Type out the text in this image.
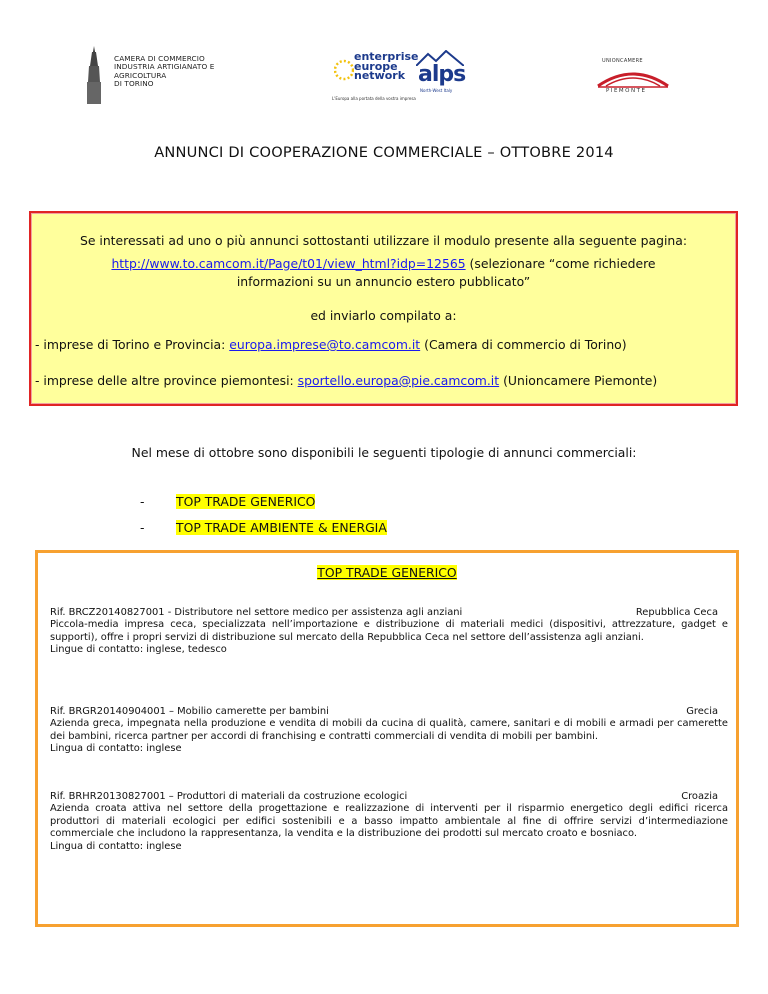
CAMERA DI COMMERCIO
INDUSTRIA ARTIGIANATO E AGRICOLTURA
DI TORINO
enterprise
europe
network
L'Europa alla portata della vostra impresa
alps
North-West Italy
UNIONCAMERE
PIEMONTE
ANNUNCI DI COOPERAZIONE COMMERCIALE – OTTOBRE 2014

Se interessati ad uno o più annunci sottostanti utilizzare il modulo presente alla seguente pagina:

http://www.to.camcom.it/Page/t01/view_html?idp=12565 (selezionare “come richiedere

informazioni su un annuncio estero pubblicato”

ed inviarlo compilato a:

- imprese di Torino e Provincia: europa.imprese@to.camcom.it (Camera di commercio di Torino)

- imprese delle altre province piemontesi: sportello.europa@pie.camcom.it (Unioncamere Piemonte)

Nel mese di ottobre sono disponibili le seguenti tipologie di annunci commerciali:
-	TOP TRADE GENERICO
-	TOP TRADE AMBIENTE & ENERGIA
TOP TRADE GENERICO
Rif. BRCZ20140827001 - Distributore nel settore medico per assistenza agli anziani	Repubblica Ceca

Piccola-media impresa ceca, specializzata nell’importazione e distribuzione di materiali medici (dispositivi, attrezzature, gadget e supporti), offre i propri servizi di distribuzione sul mercato della Repubblica Ceca nel settore dell’assistenza agli anziani.

Lingue di contatto: inglese, tedesco

Rif. BRGR20140904001 – Mobilio camerette per bambini	Grecia

Azienda greca, impegnata nella produzione e vendita di mobili da cucina di qualità, camere, sanitari e di mobili e armadi per camerette dei bambini, ricerca partner per accordi di franchising e contratti commerciali di vendita di mobili per bambini.

Lingua di contatto: inglese

Rif. BRHR20130827001 – Produttori di materiali da costruzione ecologici	Croazia

Azienda croata attiva nel settore della progettazione e realizzazione di interventi per il risparmio energetico degli edifici ricerca produttori di materiali ecologici per edifici sostenibili e a basso impatto ambientale al fine di offrire servizi d’intermediazione commerciale che includono la rappresentanza, la vendita e la distribuzione dei prodotti sul mercato croato e bosniaco.

Lingua di contatto: inglese
